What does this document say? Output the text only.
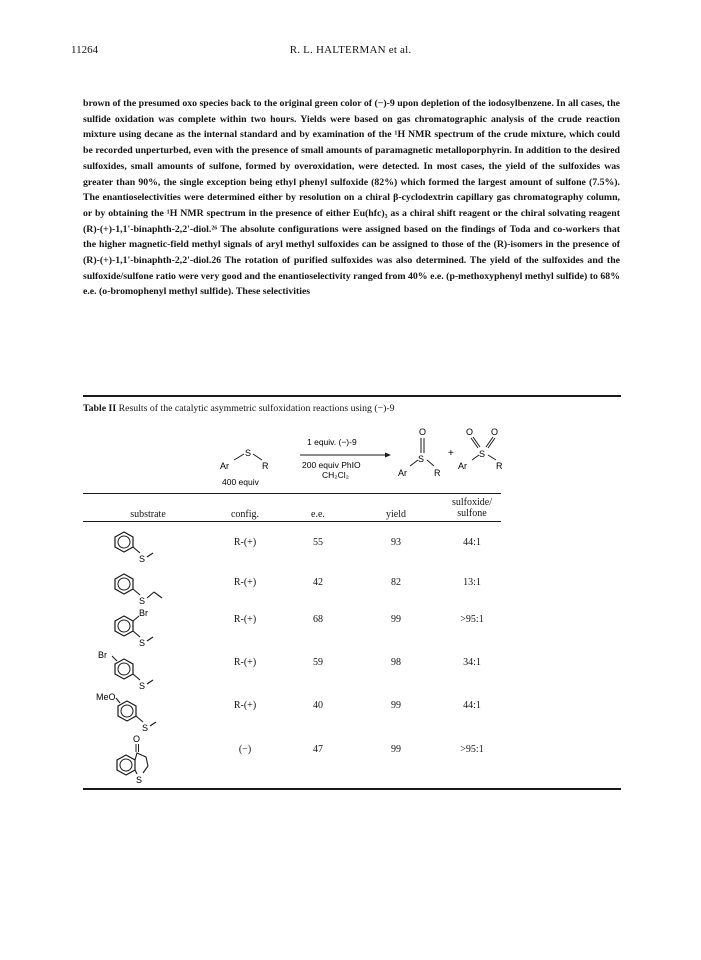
11264	R. L. HALTERMAN et al.

brown of the presumed oxo species back to the original green color of (−)-9 upon depletion of the iodosylbenzene. In all cases, the sulfide oxidation was complete within two hours. Yields were based on gas chromatographic analysis of the crude reaction mixture using decane as the internal standard and by examination of the ¹H NMR spectrum of the crude mixture, which could be recorded unperturbed, even with the presence of small amounts of paramagnetic metalloporphyrin. In addition to the desired sulfoxides, small amounts of sulfone, formed by overoxidation, were detected. In most cases, the yield of the sulfoxides was greater than 90%, the single exception being ethyl phenyl sulfoxide (82%) which formed the largest amount of sulfone (7.5%). The enantioselectivities were determined either by resolution on a chiral β-cyclodextrin capillary gas chromatography column, or by obtaining the ¹H NMR spectrum in the presence of either Eu(hfc)₃ as a chiral shift reagent or the chiral solvating reagent (R)-(+)-1,1'-binaphth-2,2'-diol.²⁶ The absolute configurations were assigned based on the findings of Toda and co-workers that the higher magnetic-field methyl signals of aryl methyl sulfoxides can be assigned to those of the (R)-isomers in the presence of (R)-(+)-1,1'-binaphth-2,2'-diol.26 The rotation of purified sulfoxides was also determined. The yield of the sulfoxides and the sulfoxide/sulfone ratio were very good and the enantioselectivity ranged from 40% e.e. (p-methoxyphenyl methyl sulfide) to 68% e.e. (o-bromophenyl methyl sulfide). These selectivities

Table II Results of the catalytic asymmetric sulfoxidation reactions using (−)-9
S
Ar	R
400 equiv
1 equiv. (−)-9
200 equiv PhIO
CH₂Cl₂
O
S
Ar	R
+
O O
S
Ar	R
substrate	config.	e.e.	yield
sulfoxide/
sulfone
S
R-(+)	55	93	44:1
S
R-(+)	42	82	13:1
Br
S
R-(+)	68	99	>95:1
Br
S
R-(+)	59	98	34:1
MeO
S
R-(+)	40	99	44:1
O
S
(−)	47	99	>95:1
